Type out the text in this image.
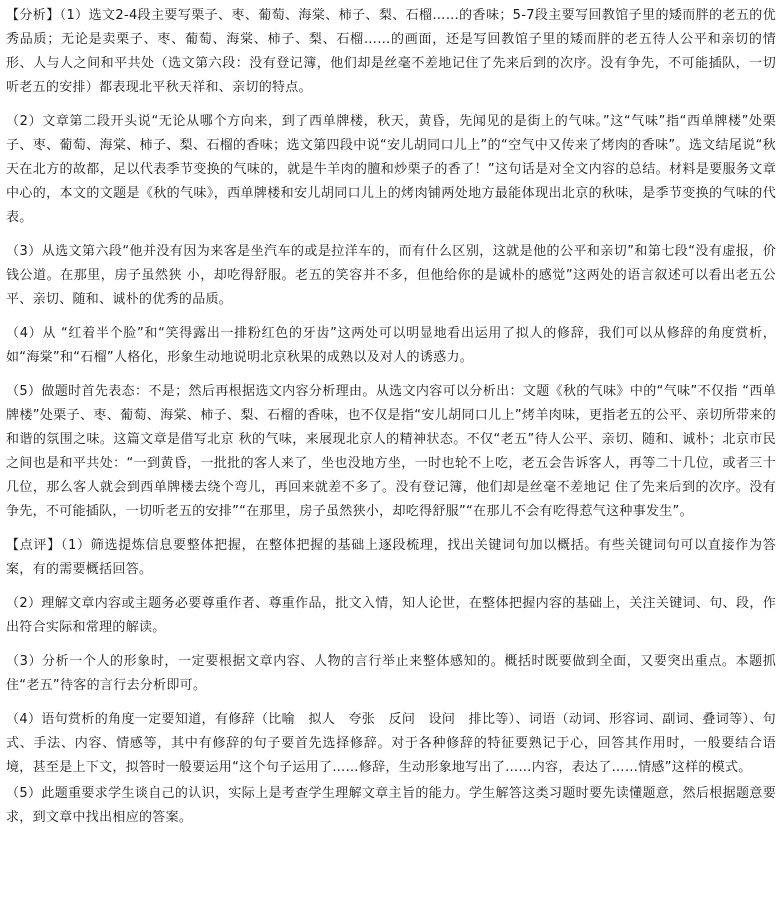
【分析】（1）选文2-4段主要写栗子、枣、葡萄、海棠、柿子、梨、石榴……的香味；5-7段主要写回教馆子里的矮而胖的老五的优秀品质；无论是卖栗子、枣、葡萄、海棠、柿子、梨、石榴……的画面，还是写回教馆子里的矮而胖的老五待人公平和亲切的情形、人与人之间和平共处（选文第六段：没有登记簿，他们却是丝毫不差地记住了先来后到的次序。没有争先，不可能插队，一切听老五的安排）都表现北平秋天祥和、亲切的特点。

（2）文章第二段开头说“无论从哪个方向来，到了西单牌楼，秋天，黄昏，先闻见的是街上的气味。”这“气味”指“西单牌楼”处栗子、枣、葡萄、海棠、柿子、梨、石榴的香味；选文第四段中说“安儿胡同口儿上”的“空气中又传来了烤肉的香味”。选文结尾说“秋天在北方的故都，足以代表季节变换的气味的，就是牛羊肉的膻和炒栗子的香了！”这句话是对全文内容的总结。材料是要服务文章中心的，本文的文题是《秋的气味》，西单牌楼和安儿胡同口儿上的烤肉铺两处地方最能体现出北京的秋味，是季节变换的气味的代表。

（3）从选文第六段“他并没有因为来客是坐汽车的或是拉洋车的，而有什么区别，这就是他的公平和亲切”和第七段“没有虚报，价钱公道。在那里，房子虽然狭 小，却吃得舒服。老五的笑容并不多，但他给你的是诚朴的感觉”这两处的语言叙述可以看出老五公平、亲切、随和、诚朴的优秀的品质。

（4）从 “红着半个脸”和“笑得露出一排粉红色的牙齿”这两处可以明显地看出运用了拟人的修辞，我们可以从修辞的角度赏析，如“海棠”和“石榴”人格化，形象生动地说明北京秋果的成熟以及对人的诱惑力。

（5）做题时首先表态：不是；然后再根据选文内容分析理由。从选文内容可以分析出：文题《秋的气味》中的“气味”不仅指 “西单牌楼”处栗子、枣、葡萄、海棠、柿子、梨、石榴的香味，也不仅是指“安儿胡同口儿上”烤羊肉味，更指老五的公平、亲切所带来的和谐的氛围之味。这篇文章是借写北京 秋的气味，来展现北京人的精神状态。不仅“老五”待人公平、亲切、随和、诚朴；北京市民之间也是和平共处：“一到黄昏，一批批的客人来了，坐也没地方坐，一时也轮不上吃，老五会告诉客人，再等二十几位，或者三十几位，那么客人就会到西单牌楼去绕个弯儿，再回来就差不多了。没有登记簿，他们却是丝毫不差地记 住了先来后到的次序。没有争先，不可能插队，一切听老五的安排”“在那里，房子虽然狭小，却吃得舒服”“在那儿不会有吃得惹气这种事发生”。

【点评】（1）筛选提炼信息要整体把握，在整体把握的基础上逐段梳理，找出关键词句加以概括。有些关键词句可以直接作为答案，有的需要概括回答。

（2）理解文章内容或主题务必要尊重作者、尊重作品，批文入情，知人论世，在整体把握内容的基础上，关注关键词、句、段，作出符合实际和常理的解读。

（3）分析一个人的形象时，一定要根据文章内容、人物的言行举止来整体感知的。概括时既要做到全面，又要突出重点。本题抓住“老五”待客的言行去分析即可。

（4）语句赏析的角度一定要知道，有修辞（比喻　拟人　夸张　反问　设问　排比等）、词语（动词、形容词、副词、叠词等）、句式、手法、内容、情感等，其中有修辞的句子要首先选择修辞。对于各种修辞的特征要熟记于心，回答其作用时，一般要结合语境，甚至是上下文，拟答时一般要运用“这个句子运用了……修辞，生动形象地写出了……内容，表达了……情感”这样的模式。

（5）此题重要求学生谈自己的认识，实际上是考查学生理解文章主旨的能力。学生解答这类习题时要先读懂题意，然后根据题意要求，到文章中找出相应的答案。
